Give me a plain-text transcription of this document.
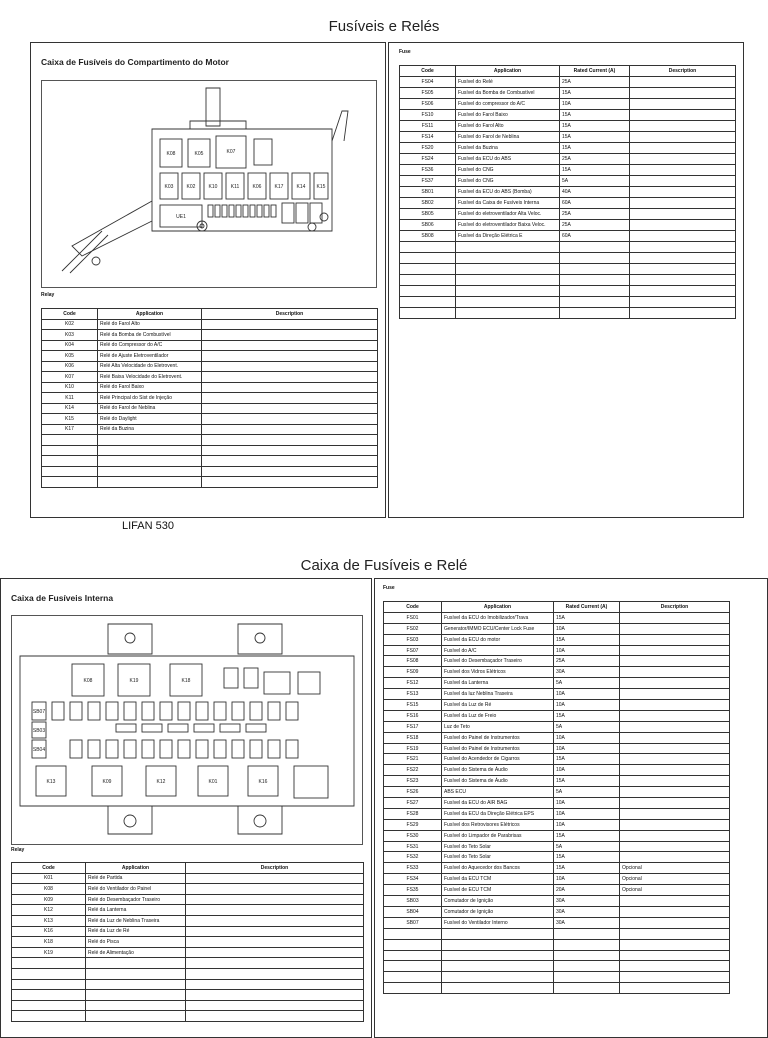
Fusíveis e Relés
Caixa de Fusíveis do Compartimento do Motor
K08	K05	K07
K03	K02	K10	K11	K06	K17	K14 K15
UE1
Relay
Code	Application	Description
K02	Relé do Farol Alto	
K03	Relé da Bomba de Combustível	
K04	Relé do Compressor do A/C	
K05	Relé de Ajuste Eletroventilador	
K06	Relé Alta Velocidade do Eletrovent.	
K07	Relé Baixa Velocidade do Eletrovent.	
K10	Relé do Farol Baixo	
K11	Relé Principal do Sist de Injeção	
K14	Relé do Farol de Neblina	
K15	Relé do Daylight	
K17	Relé da Buzina	

Fuse
Code	Application	Rated Current (A)	Description
FS04	Fusível do Relé	25A	
FS05	Fusível da Bomba de Combustível	15A	
FS06	Fusível do compressor do A/C	10A	
FS10	Fusível do Farol Baixo	15A	
FS11	Fusível do Farol Alto	15A	
FS14	Fusível do Farol de Neblina	15A	
FS20	Fusível da Buzina	15A	
FS24	Fusível da ECU do ABS	25A	
FS36	Fusível do CNG	15A	
FS37	Fusível do CNG	5A	
SB01	Fusível da ECU do ABS (Bomba)	40A	
SB02	Fusível da Caixa de Fusíveis Interna	60A	
SB05	Fusível do eletroventilador Alta Veloc.	25A	
SB06	Fusível do eletroventilador Baixa Veloc.	25A	
SB08	Fusível da Direção Elétrica E	60A	

LIFAN 530
Caixa de Fusíveis e Relé
Caixa de Fusíveis Interna
K08	K19	K18
SB07
SB03
SB04
K13	K09	K12	K01	K16
Relay
Code	Application	Description
K01	Relé de Partida	
K08	Relé do Ventilador do Painel	
K09	Relé do Desembaçador Traseiro	
K12	Relé da Lanterna	
K13	Relé da Luz de Neblina Traseira	
K16	Relé da Luz de Ré	
K18	Relé do Pisca	
K19	Relé de Alimentação	

Fuse
Code	Application	Rated Current (A)	Description
FS01	Fusível da ECU do Imobilizador/Trava	15A	
FS02	Generator/IMMO ECU/Center Lock Fuse	10A	
FS03	Fusível da ECU do motor	15A	
FS07	Fusível do A/C	10A	
FS08	Fusível do Desembaçador Traseiro	25A	
FS09	Fusível dos Vidros Elétricos	30A	
FS12	Fusível da Lanterna	5A	
FS13	Fusível da luz Neblina Traseira	10A	
FS15	Fusível da Luz de Ré	10A	
FS16	Fusível da Luz de Freio	15A	
FS17	Luz de Teto	5A	
FS18	Fusível do Painel de Instrumentos	10A	
FS19	Fusível do Painel de Instrumentos	10A	
FS21	Fusível do Acendedor de Cigarros	15A	
FS22	Fusível do Sistema de Áudio	10A	
FS23	Fusível do Sistema de Áudio	15A	
FS26	ABS ECU	5A	
FS27	Fusível da ECU do AIR BAG	10A	
FS28	Fusível da ECU da Direção Elétrica EPS	10A	
FS29	Fusível dos Retrovisores Elétricos	10A	
FS30	Fusível do Limpador de Parabrisas	15A	
FS31	Fusível do Teto Solar	5A	
FS32	Fusível do Teto Solar	15A	
FS33	Fusível do Aquecedor dos Bancos	15A	Opcional
FS34	Fusível da ECU TCM	10A	Opcional
FS35	Fusível de ECU TCM	20A	Opcional
SB03	Comutador de Ignição	30A	
SB04	Comutador de Ignição	30A	
SB07	Fusível do Ventilador Interno	30A	
